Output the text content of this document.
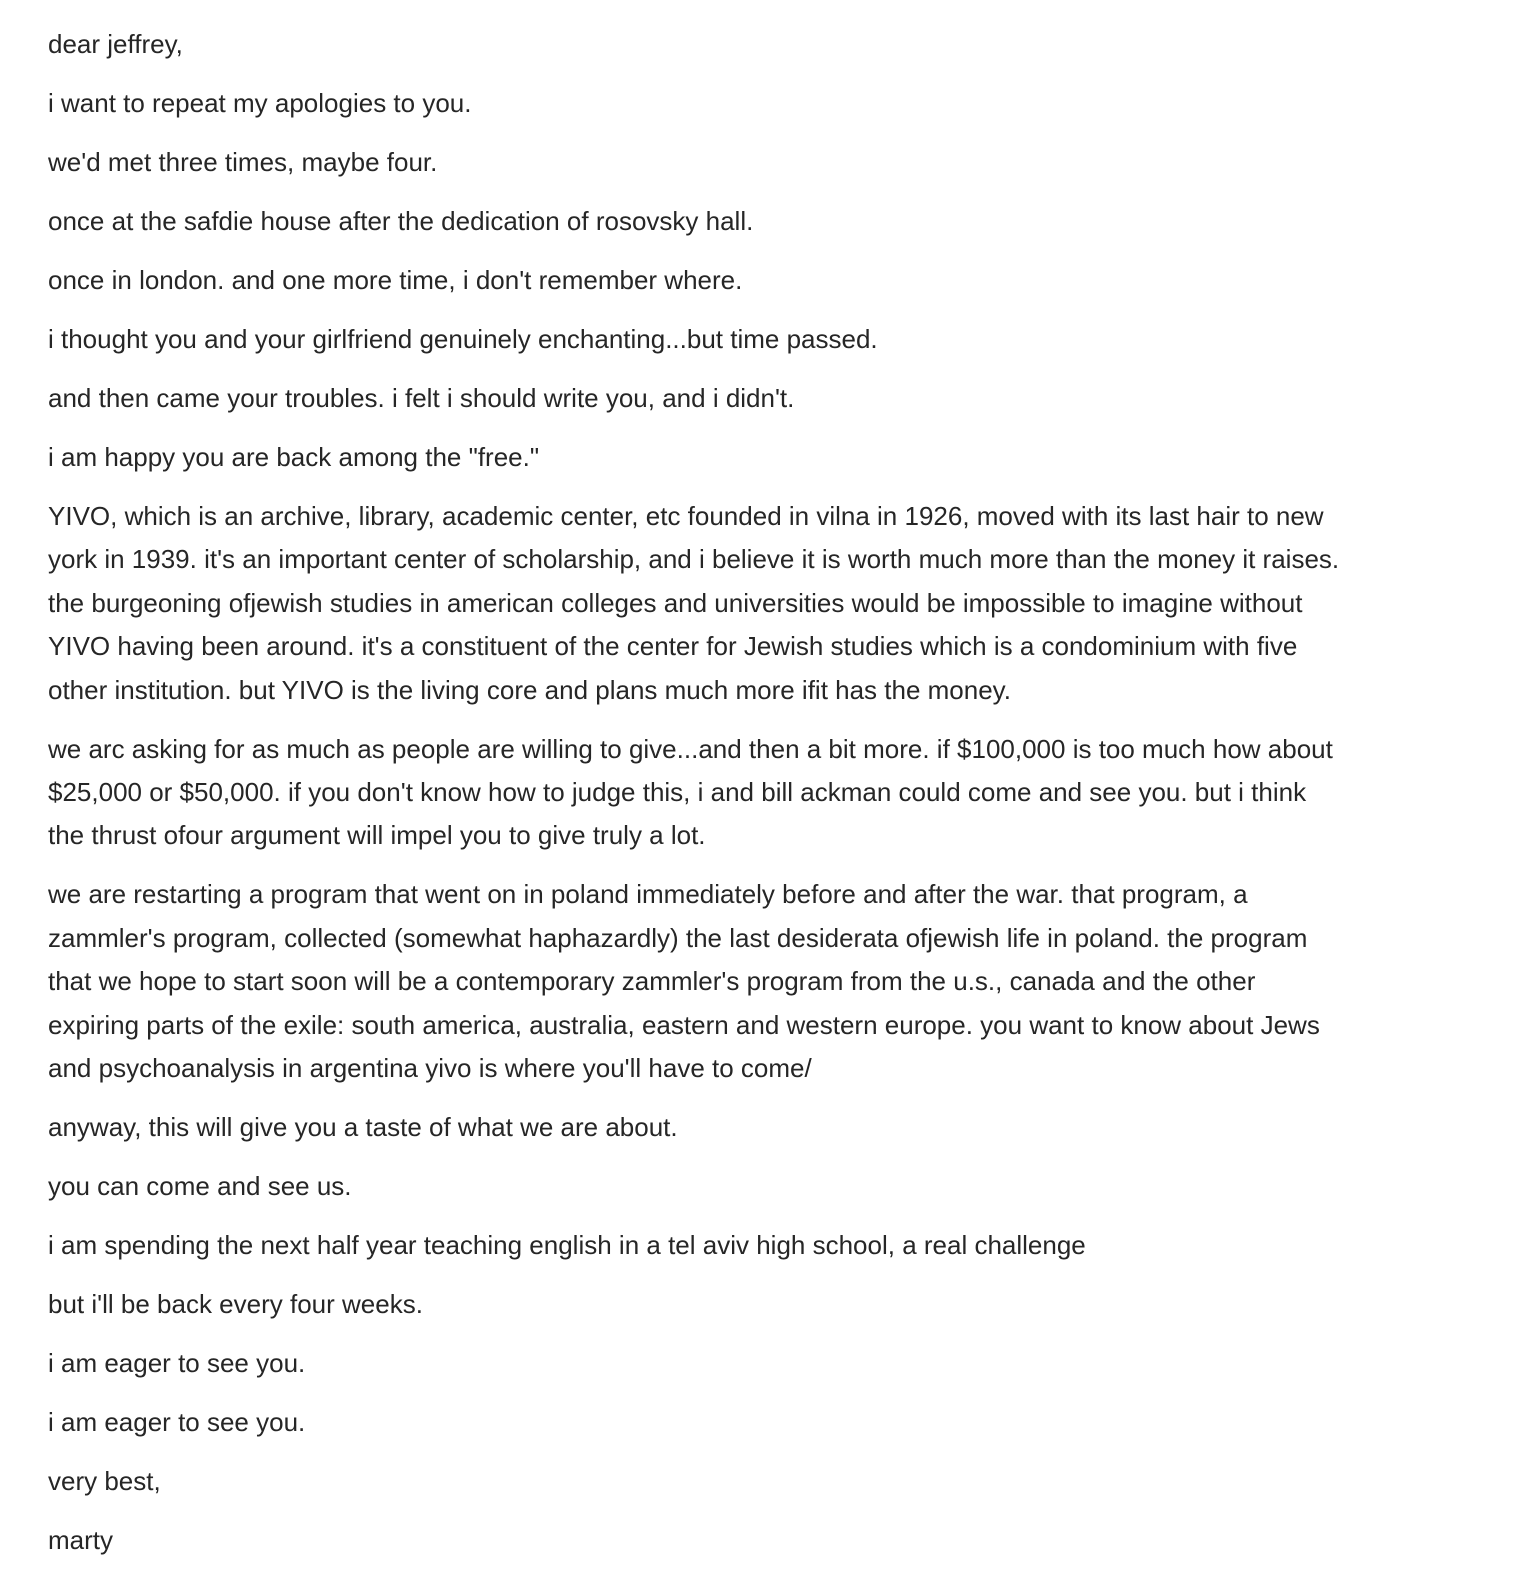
dear jeffrey,

i want to repeat my apologies to you.

we'd met three times, maybe four.

once at the safdie house after the dedication of rosovsky hall.

once in london. and one more time, i don't remember where.

i thought you and your girlfriend genuinely enchanting...but time passed.

and then came your troubles. i felt i should write you, and i didn't.

i am happy you are back among the "free."

YIVO, which is an archive, library, academic center, etc founded in vilna in 1926, moved with its last hair to new
york in 1939. it's an important center of scholarship, and i believe it is worth much more than the money it raises.
the burgeoning ofjewish studies in american colleges and universities would be impossible to imagine without
YIVO having been around. it's a constituent of the center for Jewish studies which is a condominium with five
other institution. but YIVO is the living core and plans much more ifit has the money.

we arc asking for as much as people are willing to give...and then a bit more. if $100,000 is too much how about
$25,000 or $50,000. if you don't know how to judge this, i and bill ackman could come and see you. but i think
the thrust ofour argument will impel you to give truly a lot.

we are restarting a program that went on in poland immediately before and after the war. that program, a
zammler's program, collected (somewhat haphazardly) the last desiderata ofjewish life in poland. the program
that we hope to start soon will be a contemporary zammler's program from the u.s., canada and the other
expiring parts of the exile: south america, australia, eastern and western europe. you want to know about Jews
and psychoanalysis in argentina yivo is where you'll have to come/

anyway, this will give you a taste of what we are about.

you can come and see us.

i am spending the next half year teaching english in a tel aviv high school, a real challenge

but i'll be back every four weeks.

i am eager to see you.

i am eager to see you.

very best,

marty
